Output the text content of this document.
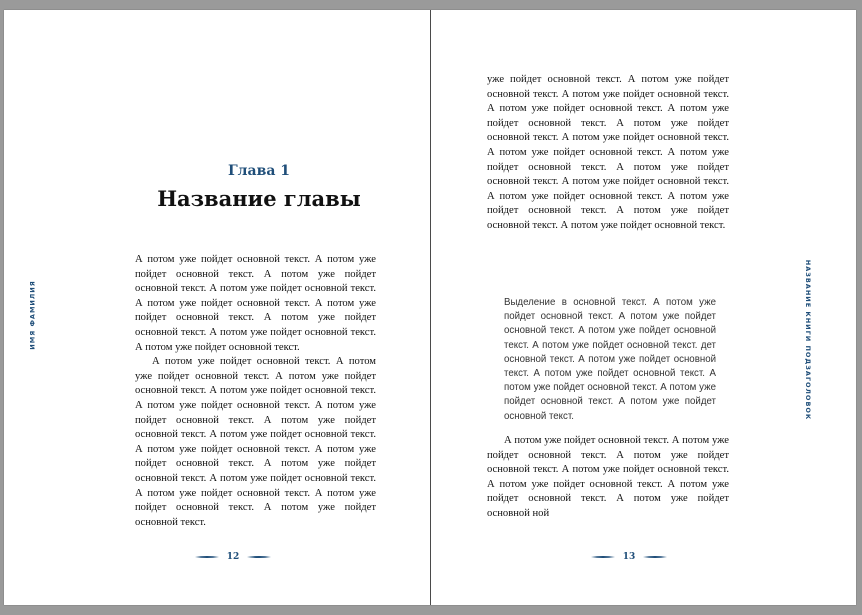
ИМЯ ФАМИЛИЯ
Глава 1
Название главы

А потом уже пойдет основной текст. А потом уже пойдет основной текст. А потом уже пойдет основной текст. А потом уже пойдет основной текст. А потом уже пойдет основной текст. А потом уже пойдет основной текст. А потом уже пойдет основной текст. А потом уже пойдет основной текст. А потом уже пойдет основной текст.

А потом уже пойдет основной текст. А потом уже пойдет основной текст. А потом уже пойдет основной текст. А потом уже пойдет основной текст. А потом уже пойдет основной текст. А потом уже пойдет основной текст. А потом уже пойдет основной текст. А потом уже пойдет основной текст. А потом уже пойдет основной текст. А потом уже пойдет основной текст. А потом уже пойдет основной текст. А потом уже пойдет основной текст. А потом уже пойдет основной текст. А потом уже пойдет основной текст. А потом уже пойдет основной текст.

12

уже пойдет основной текст. А потом уже пойдет основной текст. А потом уже пойдет основной текст. А потом уже пойдет основной текст. А потом уже пойдет основной текст. А потом уже пойдет основной текст. А потом уже пойдет основной текст. А потом уже пойдет основной текст. А потом уже пойдет основной текст. А потом уже пойдет основной текст. А потом уже пойдет основной текст. А потом уже пойдет основной текст. А потом уже пойдет основной текст. А потом уже пойдет основной текст. А потом уже пойдет основной текст.

Выделение в основной текст. А потом уже пойдет основной текст. А потом уже пойдет основной текст. А потом уже пойдет основной текст. А потом уже пойдет основной текст. дет основной текст. А потом уже пойдет основной текст. А потом уже пойдет основной текст. А потом уже пойдет основной текст. А потом уже пойдет основной текст. А потом уже пойдет основной текст.

А потом уже пойдет основной текст. А потом уже пойдет основной текст. А потом уже пойдет основной текст. А потом уже пойдет основной текст. А потом уже пойдет основной текст. А потом уже пойдет основной текст. А потом уже пойдет основной ной

НАЗВАНИЕ КНИГИ ПОДЗАГОЛОВОК
13
